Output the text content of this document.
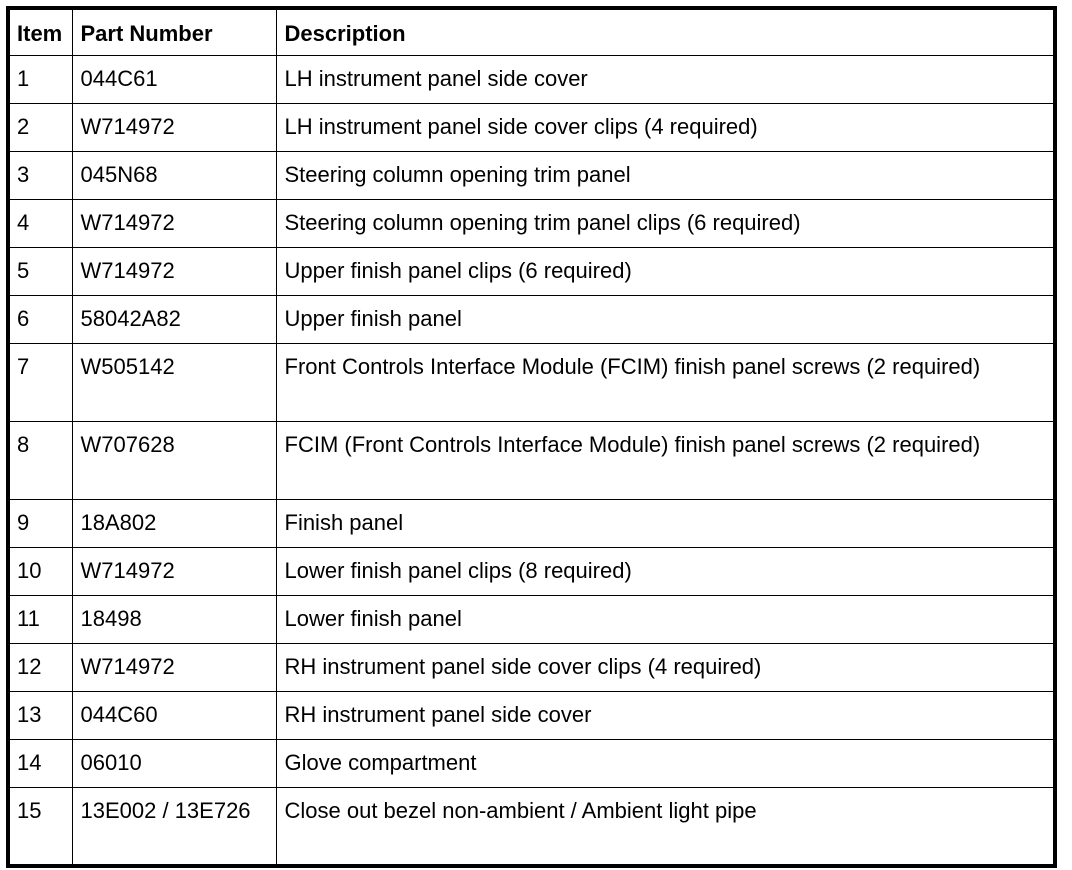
Item	Part Number	Description
1	044C61	LH instrument panel side cover
2	W714972	LH instrument panel side cover clips (4 required)
3	045N68	Steering column opening trim panel
4	W714972	Steering column opening trim panel clips (6 required)
5	W714972	Upper finish panel clips (6 required)
6	58042A82	Upper finish panel
7	W505142	Front Controls Interface Module (FCIM) finish panel screws (2 required)
8	W707628	FCIM (Front Controls Interface Module) finish panel screws (2 required)
9	18A802	Finish panel
10	W714972	Lower finish panel clips (8 required)
11	18498	Lower finish panel
12	W714972	RH instrument panel side cover clips (4 required)
13	044C60	RH instrument panel side cover
14	06010	Glove compartment
15	13E002 / 13E726	Close out bezel non-ambient / Ambient light pipe
